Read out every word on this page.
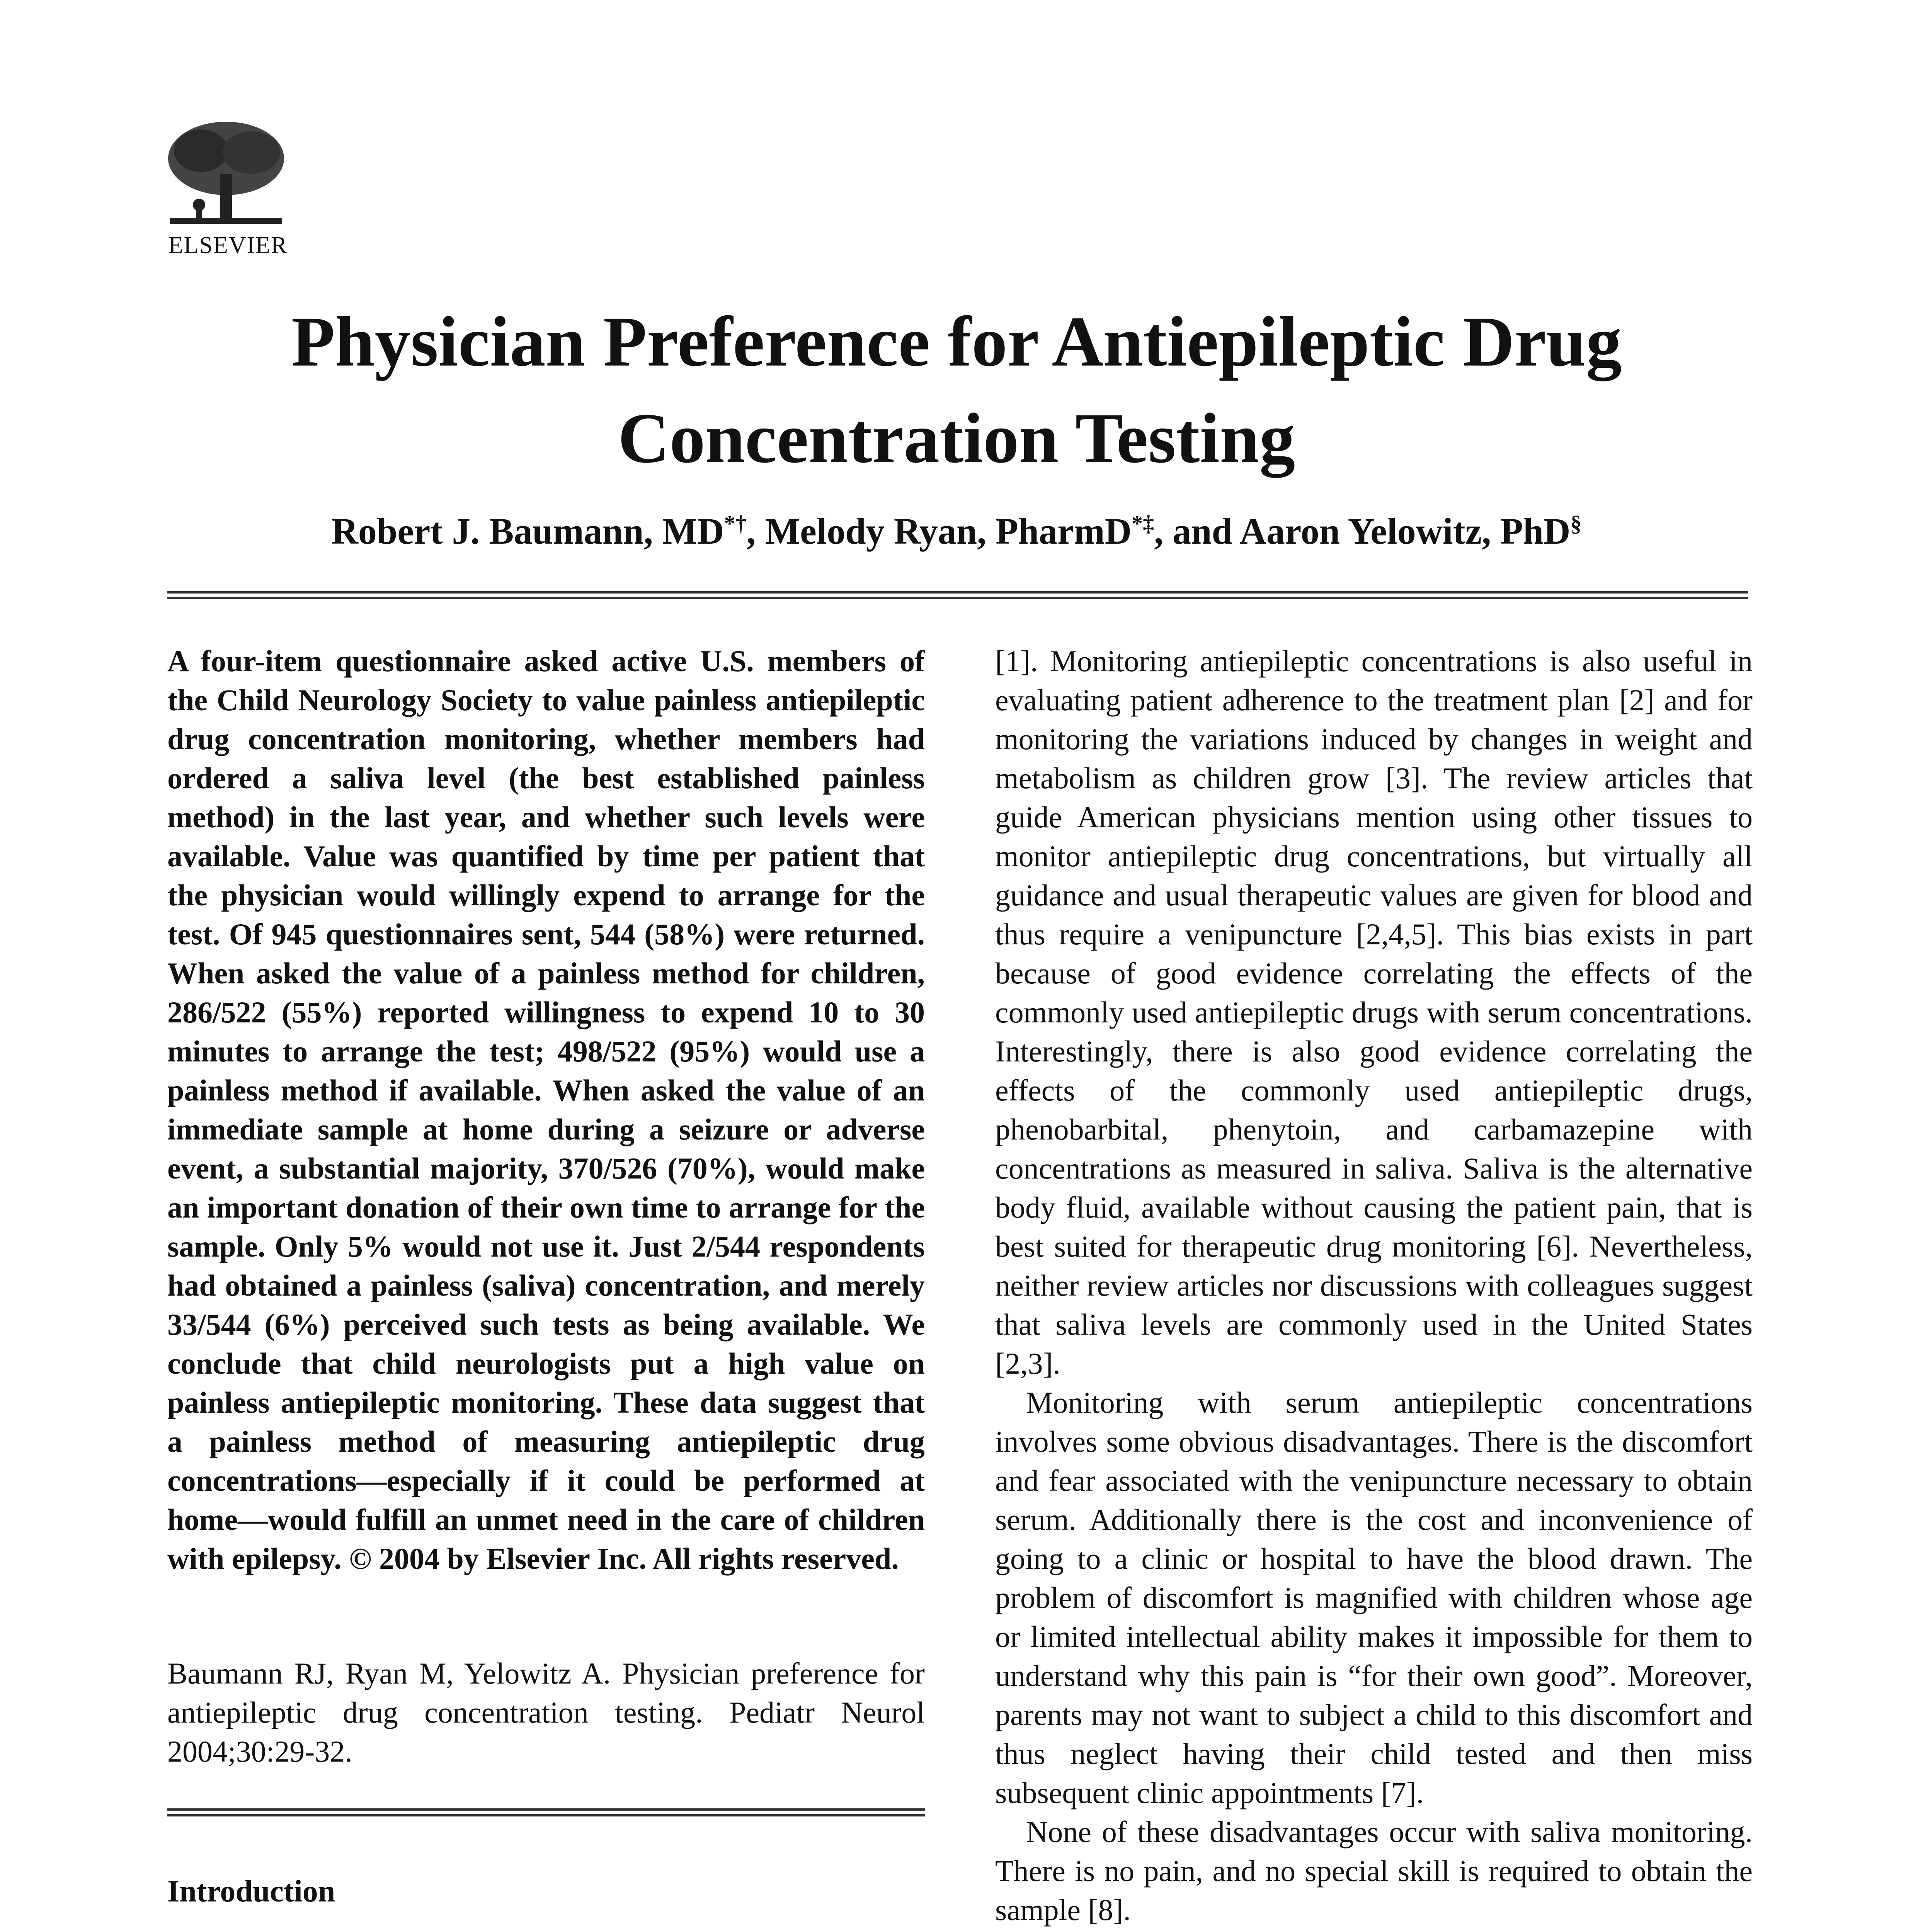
ELSEVIER
Physician Preference for Antiepileptic Drug Concentration Testing
Robert J. Baumann, MD*†, Melody Ryan, PharmD*‡, and Aaron Yelowitz, PhD§
A four-item questionnaire asked active U.S. members of the Child Neurology Society to value painless antiepileptic drug concentration monitoring, whether members had ordered a saliva level (the best established painless method) in the last year, and whether such levels were available. Value was quantified by time per patient that the physician would willingly expend to arrange for the test. Of 945 questionnaires sent, 544 (58%) were returned. When asked the value of a painless method for children, 286/522 (55%) reported willingness to expend 10 to 30 minutes to arrange the test; 498/522 (95%) would use a painless method if available. When asked the value of an immediate sample at home during a seizure or adverse event, a substantial majority, 370/526 (70%), would make an important donation of their own time to arrange for the sample. Only 5% would not use it. Just 2/544 respondents had obtained a painless (saliva) concentration, and merely 33/544 (6%) perceived such tests as being available. We conclude that child neurologists put a high value on painless antiepileptic monitoring. These data suggest that a painless method of measuring antiepileptic drug concentrations—especially if it could be performed at home—would fulfill an unmet need in the care of children with epilepsy. © 2004 by Elsevier Inc. All rights reserved.
Baumann RJ, Ryan M, Yelowitz A. Physician preference for antiepileptic drug concentration testing. Pediatr Neurol 2004;30:29-32.
Introduction

[1]. Monitoring antiepileptic concentrations is also useful in evaluating patient adherence to the treatment plan [2] and for monitoring the variations induced by changes in weight and metabolism as children grow [3]. The review articles that guide American physicians mention using other tissues to monitor antiepileptic drug concentrations, but virtually all guidance and usual therapeutic values are given for blood and thus require a venipuncture [2,4,5]. This bias exists in part because of good evidence correlating the effects of the commonly used antiepileptic drugs with serum concentrations. Interestingly, there is also good evidence correlating the effects of the commonly used antiepileptic drugs, phenobarbital, phenytoin, and carbamazepine with concentrations as measured in saliva. Saliva is the alternative body fluid, available without causing the patient pain, that is best suited for therapeutic drug monitoring [6]. Nevertheless, neither review articles nor discussions with colleagues suggest that saliva levels are commonly used in the United States [2,3].

Monitoring with serum antiepileptic concentrations involves some obvious disadvantages. There is the discomfort and fear associated with the venipuncture necessary to obtain serum. Additionally there is the cost and inconvenience of going to a clinic or hospital to have the blood drawn. The problem of discomfort is magnified with children whose age or limited intellectual ability makes it impossible for them to understand why this pain is “for their own good”. Moreover, parents may not want to subject a child to this discomfort and thus neglect having their child tested and then miss subsequent clinic appointments [7].

None of these disadvantages occur with saliva monitoring. There is no pain, and no special skill is required to obtain the sample [8].
